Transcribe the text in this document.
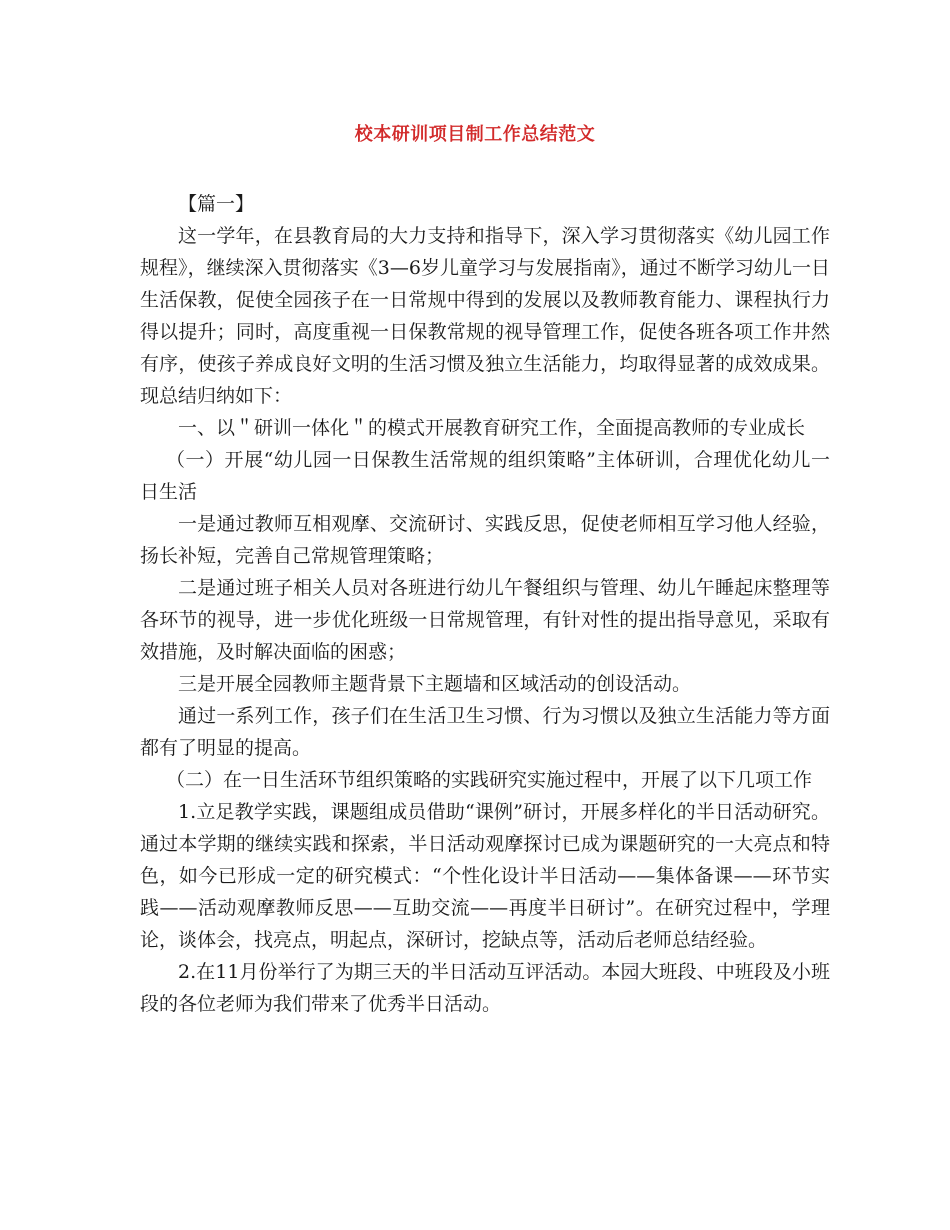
校本研训项目制工作总结范文

【篇一】

这一学年，在县教育局的大力支持和指导下，深入学习贯彻落实《幼儿园工作规程》，继续深入贯彻落实《3—6岁儿童学习与发展指南》，通过不断学习幼儿一日生活保教，促使全园孩子在一日常规中得到的发展以及教师教育能力、课程执行力得以提升；同时，高度重视一日保教常规的视导管理工作，促使各班各项工作井然有序，使孩子养成良好文明的生活习惯及独立生活能力，均取得显著的成效成果。现总结归纳如下：

一、以＂研训一体化＂的模式开展教育研究工作，全面提高教师的专业成长

（一）开展“幼儿园一日保教生活常规的组织策略”主体研训，合理优化幼儿一日生活

一是通过教师互相观摩、交流研讨、实践反思，促使老师相互学习他人经验，扬长补短，完善自己常规管理策略；

二是通过班子相关人员对各班进行幼儿午餐组织与管理、幼儿午睡起床整理等各环节的视导，进一步优化班级一日常规管理，有针对性的提出指导意见，采取有效措施，及时解决面临的困惑；

三是开展全园教师主题背景下主题墙和区域活动的创设活动。

通过一系列工作，孩子们在生活卫生习惯、行为习惯以及独立生活能力等方面都有了明显的提高。

（二）在一日生活环节组织策略的实践研究实施过程中，开展了以下几项工作

1.立足教学实践，课题组成员借助“课例”研讨，开展多样化的半日活动研究。通过本学期的继续实践和探索，半日活动观摩探讨已成为课题研究的一大亮点和特色，如今已形成一定的研究模式：“个性化设计半日活动——集体备课——环节实践——活动观摩教师反思——互助交流——再度半日研讨”。在研究过程中，学理论，谈体会，找亮点，明起点，深研讨，挖缺点等，活动后老师总结经验。

2.在11月份举行了为期三天的半日活动互评活动。本园大班段、中班段及小班段的各位老师为我们带来了优秀半日活动。
